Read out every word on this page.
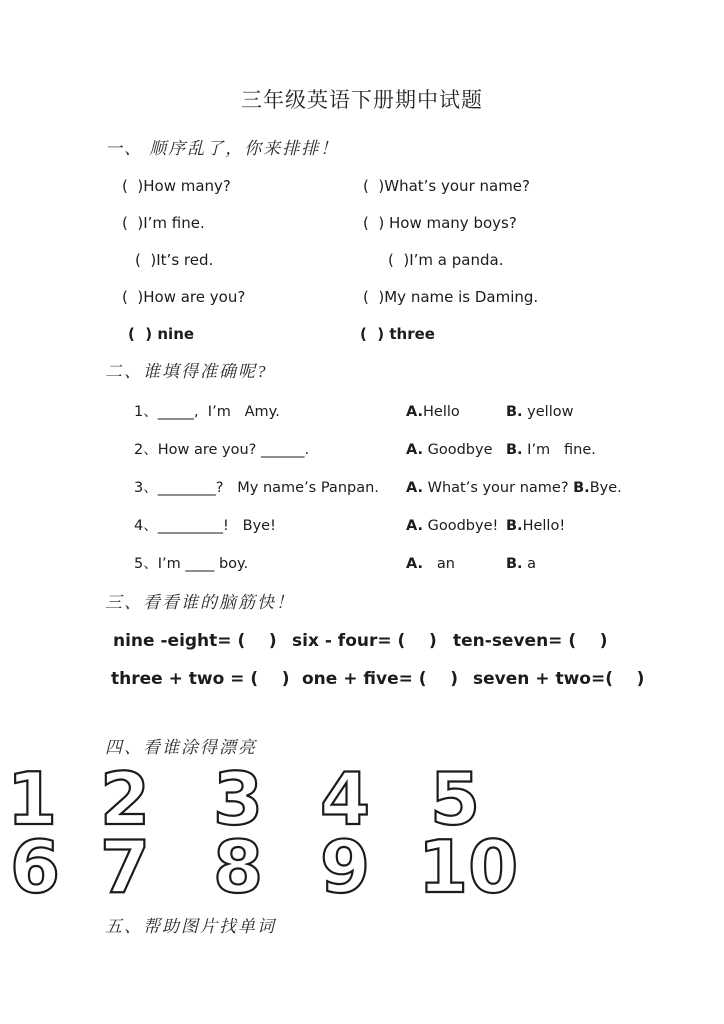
三年级英语下册期中试题
一、 顺序乱了，你来排排！
(  )How many?	(  )What’s your name?
(  )I’m fine.	(  ) How many boys?
(  )It’s red.	(  )I’m a panda.
(  )How are you?	(  )My name is Daming.
(  ) nine	(  ) three
二、谁填得准确呢?
1、_____,  I’m   Amy.	A.Hello	B. yellow
2、How are you? ______.	A. Goodbye B. I’m   fine.
3、________?   My name’s Panpan.	A. What’s your name? B.Bye.
4、_________!   Bye!	A. Goodbye! B.Hello!
5、I’m ____ boy.	A.   an	B. a
三、看看谁的脑筋快！
nine -eight= (    ) six - four= (    ) ten-seven= (    )
three + two = (    ) one + five= (    ) seven + two=(    )
四、看谁涂得漂亮
1 2 3 4 5
6 7 8 9 10
五、帮助图片找单词
